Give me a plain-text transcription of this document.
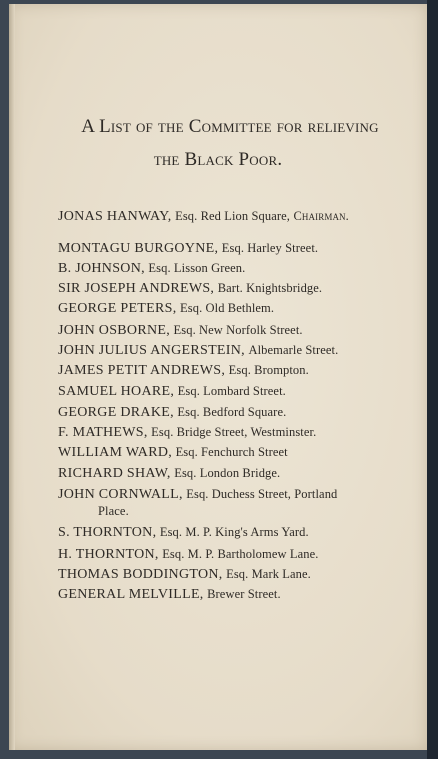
A List of the Committee for relieving
the Black Poor.
JONAS HANWAY, Esq. Red Lion Square, Chairman.
MONTAGU BURGOYNE, Esq. Harley Street.
B. JOHNSON, Esq. Lisson Green.
SIR JOSEPH ANDREWS, Bart. Knightsbridge.
GEORGE PETERS, Esq. Old Bethlem.
JOHN OSBORNE, Esq. New Norfolk Street.
JOHN JULIUS ANGERSTEIN, Albemarle Street.
JAMES PETIT ANDREWS, Esq. Brompton.
SAMUEL HOARE, Esq. Lombard Street.
GEORGE DRAKE, Esq. Bedford Square.
F. MATHEWS, Esq. Bridge Street, Westminster.
WILLIAM WARD, Esq. Fenchurch Street
RICHARD SHAW, Esq. London Bridge.
JOHN CORNWALL, Esq. Duchess Street, Portland
Place.
S. THORNTON, Esq. M. P. King's Arms Yard.
H. THORNTON, Esq. M. P. Bartholomew Lane.
THOMAS BODDINGTON, Esq. Mark Lane.
GENERAL MELVILLE, Brewer Street.
